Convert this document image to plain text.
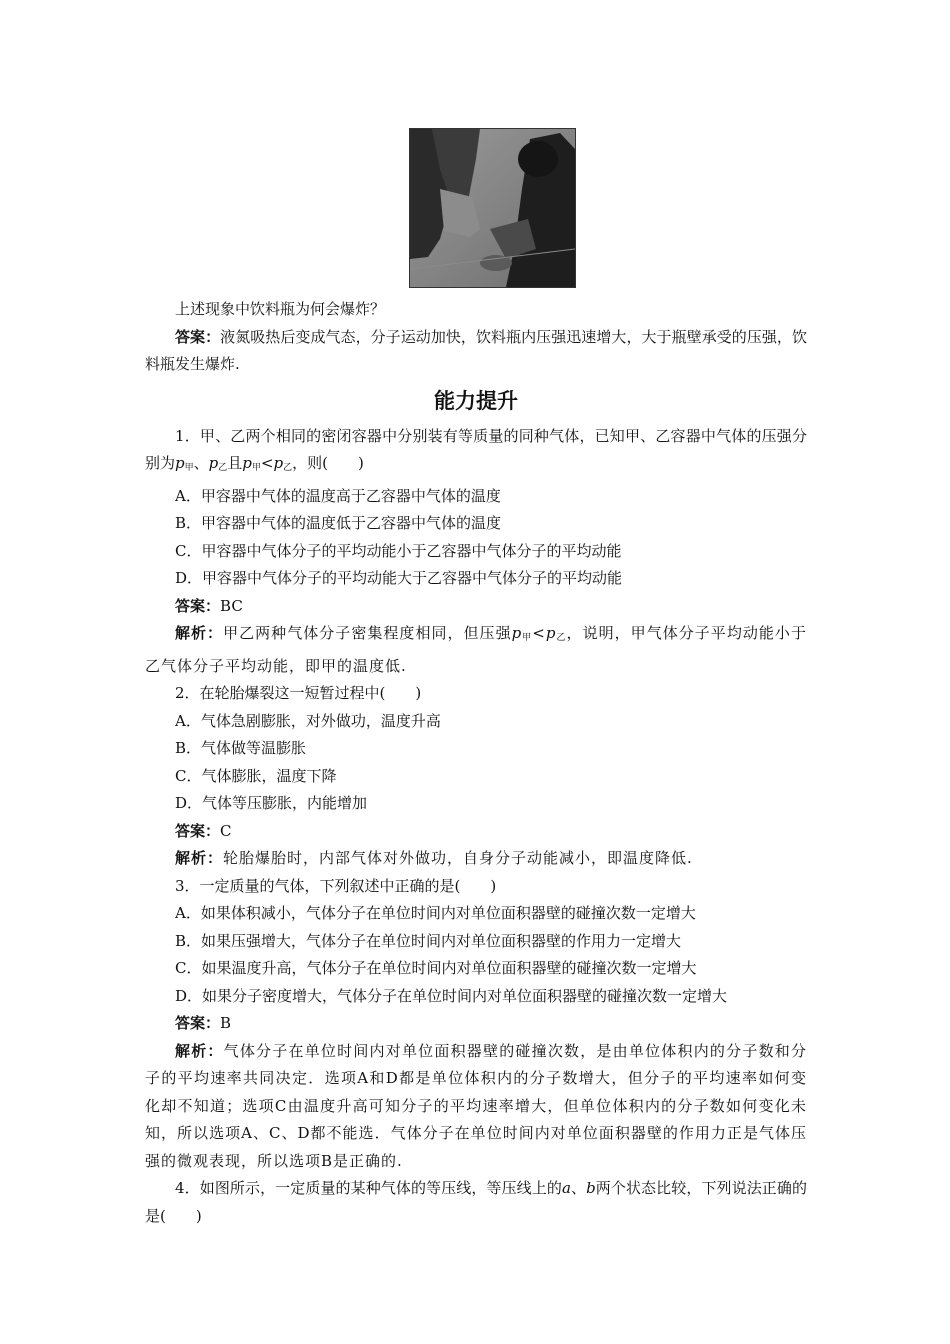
上述现象中饮料瓶为何会爆炸？

答案：液氮吸热后变成气态，分子运动加快，饮料瓶内压强迅速增大，大于瓶壁承受的压强，饮料瓶发生爆炸.

能力提升

1．甲、乙两个相同的密闭容器中分别装有等质量的同种气体，已知甲、乙容器中气体的压强分别为$p_甲$、$p_乙$且$p_甲<p_乙$，则(　　)

A．甲容器中气体的温度高于乙容器中气体的温度

B．甲容器中气体的温度低于乙容器中气体的温度

C．甲容器中气体分子的平均动能小于乙容器中气体分子的平均动能

D．甲容器中气体分子的平均动能大于乙容器中气体分子的平均动能

答案：BC

解析：甲乙两种气体分子密集程度相同，但压强$p_甲<p_乙$，说明，甲气体分子平均动能小于乙气体分子平均动能，即甲的温度低.

2．在轮胎爆裂这一短暂过程中(　　)

A．气体急剧膨胀，对外做功，温度升高

B．气体做等温膨胀

C．气体膨胀，温度下降

D．气体等压膨胀，内能增加

答案：C

解析：轮胎爆胎时，内部气体对外做功，自身分子动能减小，即温度降低.

3．一定质量的气体，下列叙述中正确的是(　　)

A．如果体积减小，气体分子在单位时间内对单位面积器壁的碰撞次数一定增大

B．如果压强增大，气体分子在单位时间内对单位面积器壁的作用力一定增大

C．如果温度升高，气体分子在单位时间内对单位面积器壁的碰撞次数一定增大

D．如果分子密度增大，气体分子在单位时间内对单位面积器壁的碰撞次数一定增大

答案：B

解析：气体分子在单位时间内对单位面积器壁的碰撞次数，是由单位体积内的分子数和分子的平均速率共同决定．选项A和D都是单位体积内的分子数增大，但分子的平均速率如何变化却不知道；选项C由温度升高可知分子的平均速率增大，但单位体积内的分子数如何变化未知，所以选项A、C、D都不能选．气体分子在单位时间内对单位面积器壁的作用力正是气体压强的微观表现，所以选项B是正确的.

4．如图所示，一定质量的某种气体的等压线，等压线上的a、b两个状态比较，下列说法正确的是(　　)
